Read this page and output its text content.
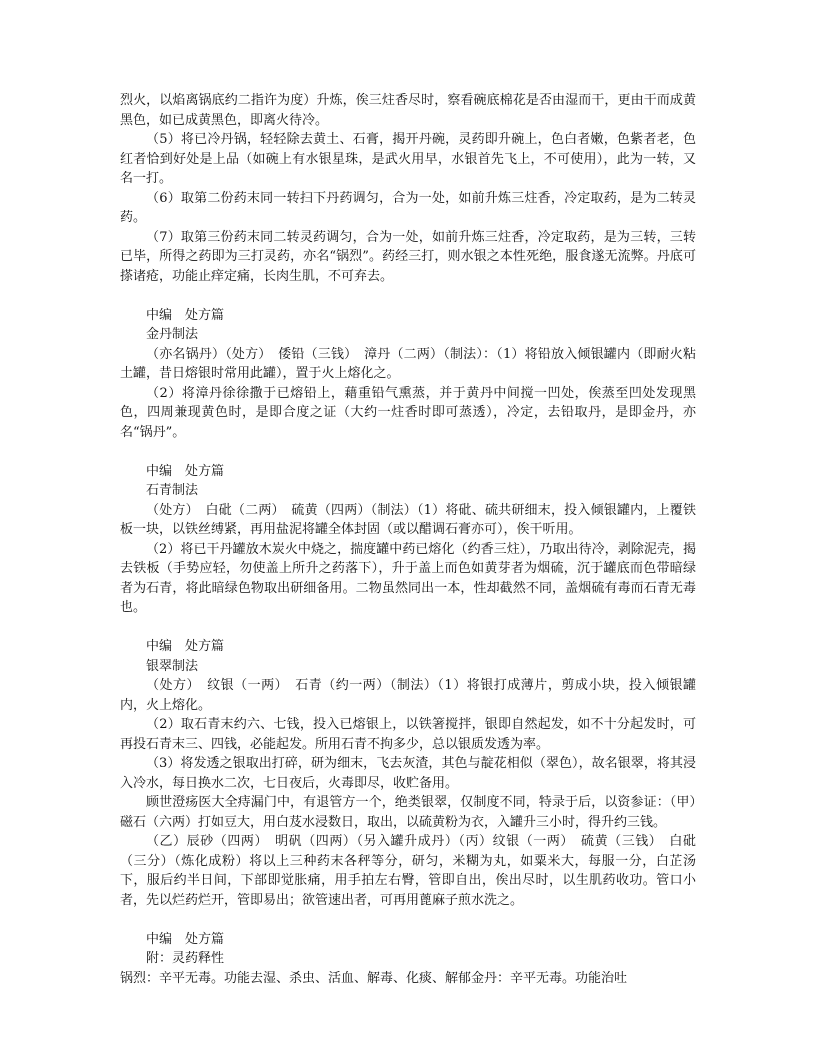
烈火，以焰离锅底约二指许为度）升炼，俟三炷香尽时，察看碗底棉花是否由湿而干，更由干而成黄黑色，如已成黄黑色，即离火待冷。

（5）将已冷丹锅，轻轻除去黄土、石膏，揭开丹碗，灵药即升碗上，色白者嫩，色紫者老，色红者恰到好处是上品（如碗上有水银星珠，是武火用早，水银首先飞上，不可使用），此为一转，又名一打。

（6）取第二份药末同一转扫下丹药调匀，合为一处，如前升炼三炷香，冷定取药，是为二转灵药。

（7）取第三份药末同二转灵药调匀，合为一处，如前升炼三炷香，冷定取药，是为三转，三转已毕，所得之药即为三打灵药，亦名“锅烈”。药经三打，则水银之本性死绝，服食遂无流弊。丹底可搽诸疮，功能止痒定痛，长肉生肌，不可弃去。

中编　处方篇

金丹制法

（亦名锅丹）（处方）　倭铅（三钱）　漳丹（二两）（制法）：（1）将铅放入倾银罐内（即耐火粘土罐，昔日熔银时常用此罐），置于火上熔化之。

（2）将漳丹徐徐撒于已熔铅上，藉重铅气熏蒸，并于黄丹中间搅一凹处，俟蒸至凹处发现黑色，四周兼现黄色时，是即合度之证（大约一炷香时即可蒸透），冷定，去铅取丹，是即金丹，亦名“锅丹”。

中编　处方篇

石青制法

（处方）　白砒（二两）　硫黄（四两）（制法）（1）将砒、硫共研细末，投入倾银罐内，上覆铁板一块，以铁丝缚紧，再用盐泥将罐全体封固（或以醋调石膏亦可），俟干听用。

（2）将已干丹罐放木炭火中烧之，揣度罐中药已熔化（约香三炷），乃取出待冷，剥除泥壳，揭去铁板（手势应轻，勿使盖上所升之药落下），升于盖上而色如黄芽者为烟硫，沉于罐底而色带暗绿者为石青，将此暗绿色物取出研细备用。二物虽然同出一本，性却截然不同，盖烟硫有毒而石青无毒也。

中编　处方篇

银翠制法

（处方）　纹银（一两）　石青（约一两）（制法）（1）将银打成薄片，剪成小块，投入倾银罐内，火上熔化。

（2）取石青末约六、七钱，投入已熔银上，以铁箸搅拌，银即自然起发，如不十分起发时，可再投石青末三、四钱，必能起发。所用石青不拘多少，总以银质发透为率。

（3）将发透之银取出打碎，研为细末，飞去灰渣，其色与靛花相似（翠色），故名银翠，将其浸入冷水，每日换水二次，七日夜后，火毒即尽，收贮备用。

顾世澄疡医大全痔漏门中，有退管方一个，绝类银翠，仅制度不同，特录于后，以资参证：（甲）磁石（六两）打如豆大，用白芨水浸数日，取出，以硫黄粉为衣，入罐升三小时，得升约三钱。

（乙）辰砂（四两）　明矾（四两）（另入罐升成丹）（丙）纹银（一两）　硫黄（三钱）　白砒（三分）（炼化成粉）将以上三种药末各秤等分，研匀，米糊为丸，如粟米大，每服一分，白芷汤下，服后约半日间，下部即觉胀痛，用手拍左右臀，管即自出，俟出尽时，以生肌药收功。管口小者，先以烂药烂开，管即易出；欲管速出者，可再用蓖麻子煎水洗之。

中编　处方篇

附：灵药释性

锅烈：辛平无毒。功能去湿、杀虫、活血、解毒、化痰、解郁金丹：辛平无毒。功能治吐
